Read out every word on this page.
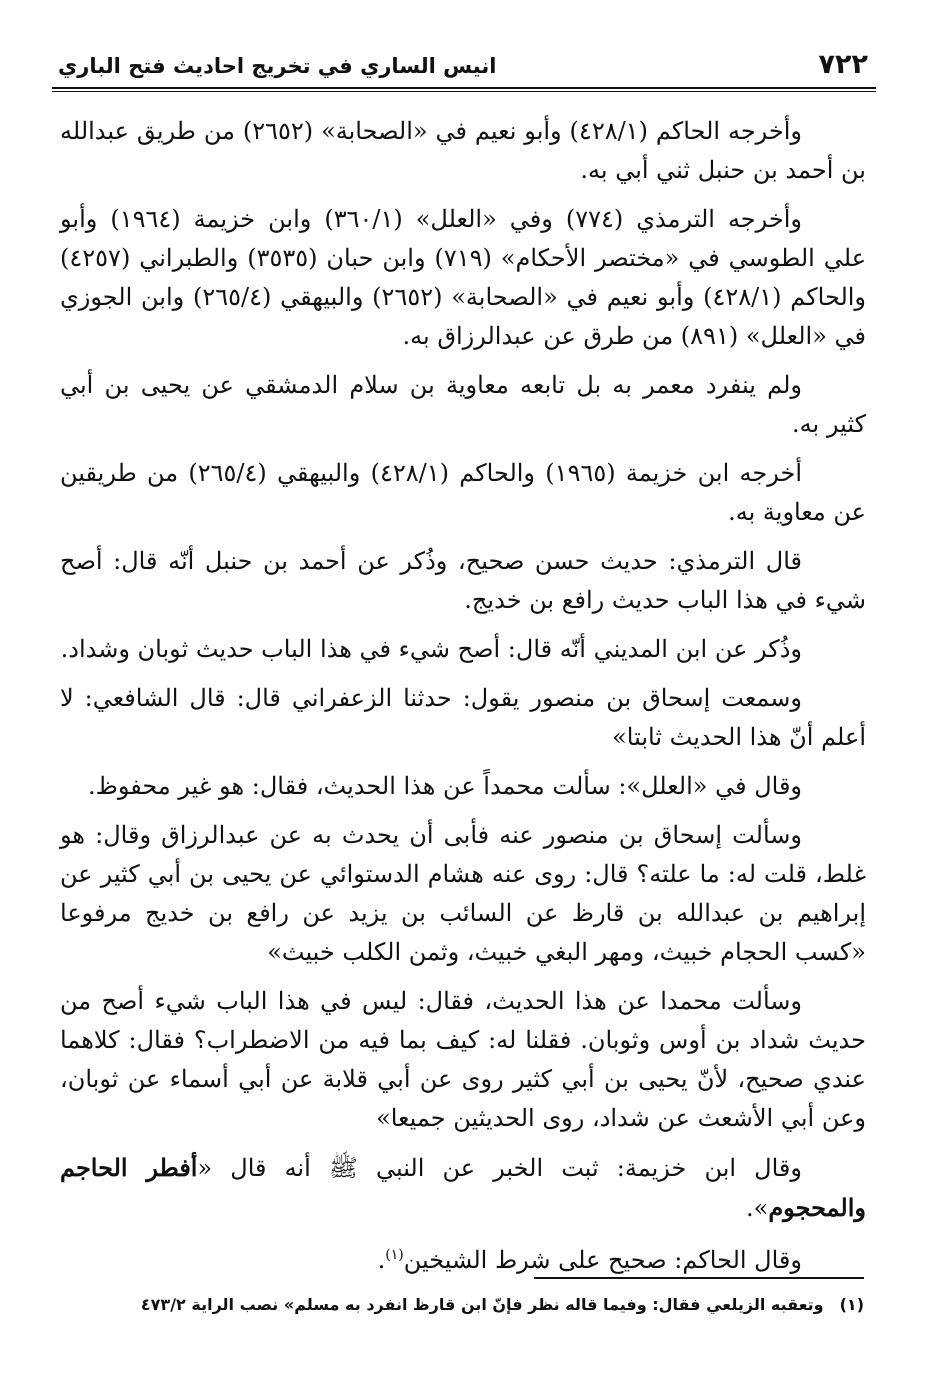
٧٢٢
انيس الساري في تخريج احاديث فتح الباري

وأخرجه الحاكم (٤٢٨/١) وأبو نعيم في «الصحابة» (٢٦٥٢) من طريق عبدالله بن أحمد بن حنبل ثني أبي به.

وأخرجه الترمذي (٧٧٤) وفي «العلل» (٣٦٠/١) وابن خزيمة (١٩٦٤) وأبو علي الطوسي في «مختصر الأحكام» (٧١٩) وابن حبان (٣٥٣٥) والطبراني (٤٢٥٧) والحاكم (٤٢٨/١) وأبو نعيم في «الصحابة» (٢٦٥٢) والبيهقي (٢٦٥/٤) وابن الجوزي في «العلل» (٨٩١) من طرق عن عبدالرزاق به.

ولم ينفرد معمر به بل تابعه معاوية بن سلام الدمشقي عن يحيى بن أبي كثير به.

أخرجه ابن خزيمة (١٩٦٥) والحاكم (٤٢٨/١) والبيهقي (٢٦٥/٤) من طريقين عن معاوية به.

قال الترمذي: حديث حسن صحيح، وذُكر عن أحمد بن حنبل أنّه قال: أصح شيء في هذا الباب حديث رافع بن خديج.

وذُكر عن ابن المديني أنّه قال: أصح شيء في هذا الباب حديث ثوبان وشداد.

وسمعت إسحاق بن منصور يقول: حدثنا الزعفراني قال: قال الشافعي: لا أعلم أنّ هذا الحديث ثابتا»

وقال في «العلل»: سألت محمداً عن هذا الحديث، فقال: هو غير محفوظ.

وسألت إسحاق بن منصور عنه فأبى أن يحدث به عن عبدالرزاق وقال: هو غلط، قلت له: ما علته؟ قال: روى عنه هشام الدستوائي عن يحيى بن أبي كثير عن إبراهيم بن عبدالله بن قارظ عن السائب بن يزيد عن رافع بن خديج مرفوعا «كسب الحجام خبيث، ومهر البغي خبيث، وثمن الكلب خبيث»

وسألت محمدا عن هذا الحديث، فقال: ليس في هذا الباب شيء أصح من حديث شداد بن أوس وثوبان. فقلنا له: كيف بما فيه من الاضطراب؟ فقال: كلاهما عندي صحيح، لأنّ يحيى بن أبي كثير روى عن أبي قلابة عن أبي أسماء عن ثوبان، وعن أبي الأشعث عن شداد، روى الحديثين جميعا»

وقال ابن خزيمة: ثبت الخبر عن النبي ﷺ أنه قال «أفطر الحاجم والمحجوم».

وقال الحاكم: صحيح على شرط الشيخين$^{(١)}$.

(١)وتعقبه الزيلعي فقال: وفيما قاله نظر فإنّ ابن قارظ انفرد به مسلم» نصب الراية ٤٧٣/٢
